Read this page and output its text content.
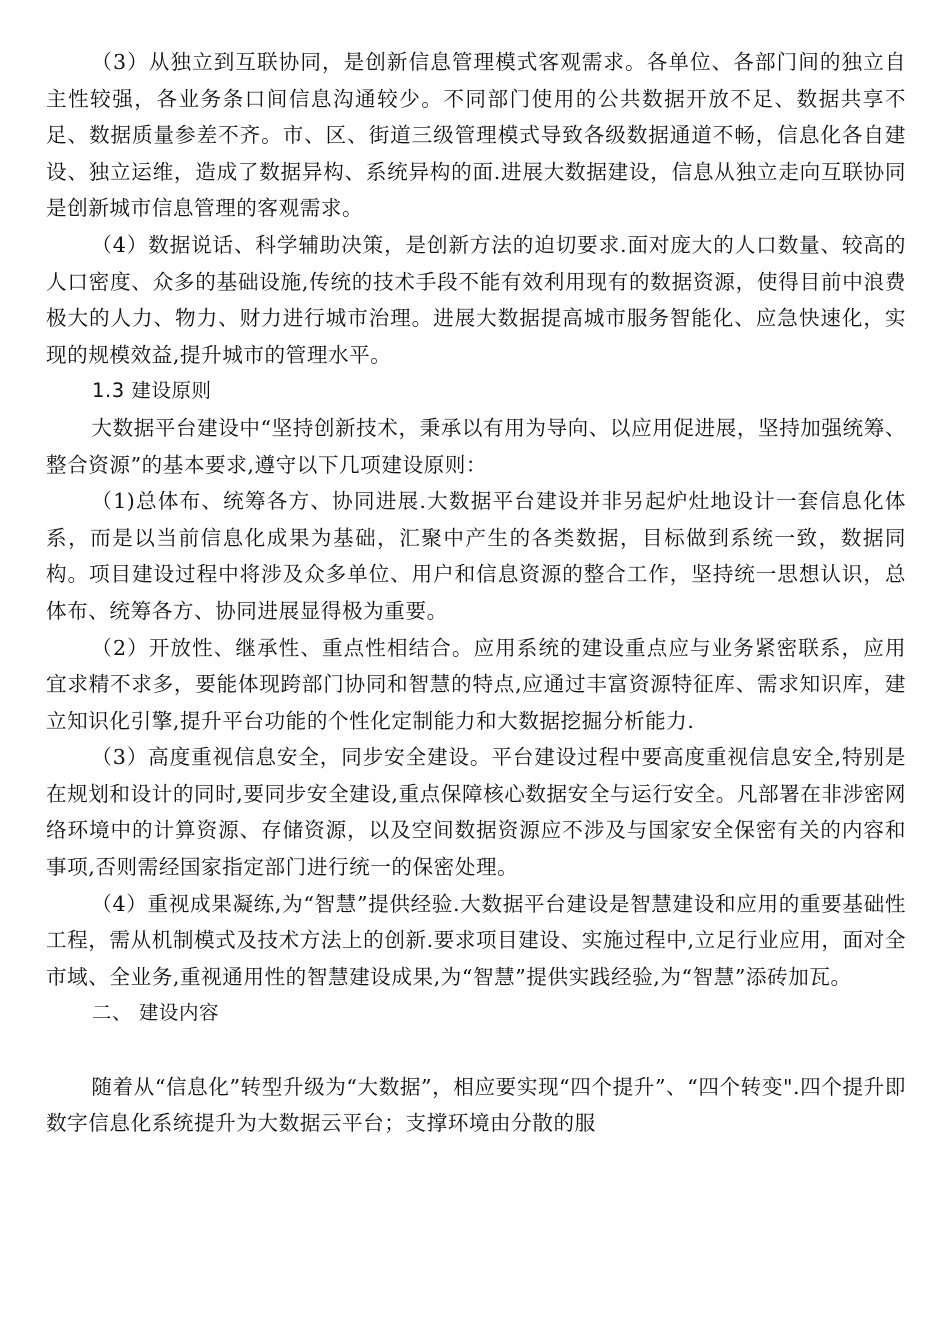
（3）从独立到互联协同，是创新信息管理模式客观需求。各单位、各部门间的独立自主性较强，各业务条口间信息沟通较少。不同部门使用的公共数据开放不足、数据共享不足、数据质量参差不齐。市、区、街道三级管理模式导致各级数据通道不畅，信息化各自建设、独立运维，造成了数据异构、系统异构的面.进展大数据建设，信息从独立走向互联协同是创新城市信息管理的客观需求。

（4）数据说话、科学辅助决策，是创新方法的迫切要求.面对庞大的人口数量、较高的人口密度、众多的基础设施,传统的技术手段不能有效利用现有的数据资源，使得目前中浪费极大的人力、物力、财力进行城市治理。进展大数据提高城市服务智能化、应急快速化，实现的规模效益,提升城市的管理水平。

1.3 建设原则

大数据平台建设中“坚持创新技术，秉承以有用为导向、以应用促进展，坚持加强统筹、整合资源”的基本要求,遵守以下几项建设原则：

（1)总体布、统筹各方、协同进展.大数据平台建设并非另起炉灶地设计一套信息化体系，而是以当前信息化成果为基础，汇聚中产生的各类数据，目标做到系统一致，数据同构。项目建设过程中将涉及众多单位、用户和信息资源的整合工作，坚持统一思想认识，总体布、统筹各方、协同进展显得极为重要。

（2）开放性、继承性、重点性相结合。应用系统的建设重点应与业务紧密联系，应用宜求精不求多，要能体现跨部门协同和智慧的特点,应通过丰富资源特征库、需求知识库，建立知识化引擎,提升平台功能的个性化定制能力和大数据挖掘分析能力.

（3）高度重视信息安全，同步安全建设。平台建设过程中要高度重视信息安全,特别是在规划和设计的同时,要同步安全建设,重点保障核心数据安全与运行安全。凡部署在非涉密网络环境中的计算资源、存储资源，以及空间数据资源应不涉及与国家安全保密有关的内容和事项,否则需经国家指定部门进行统一的保密处理。

（4）重视成果凝练,为“智慧”提供经验.大数据平台建设是智慧建设和应用的重要基础性工程，需从机制模式及技术方法上的创新.要求项目建设、实施过程中,立足行业应用，面对全市域、全业务,重视通用性的智慧建设成果,为“智慧”提供实践经验,为“智慧”添砖加瓦。

二、 建设内容

随着从“信息化”转型升级为“大数据”，相应要实现“四个提升”、“四个转变".四个提升即数字信息化系统提升为大数据云平台；支撑环境由分散的服
